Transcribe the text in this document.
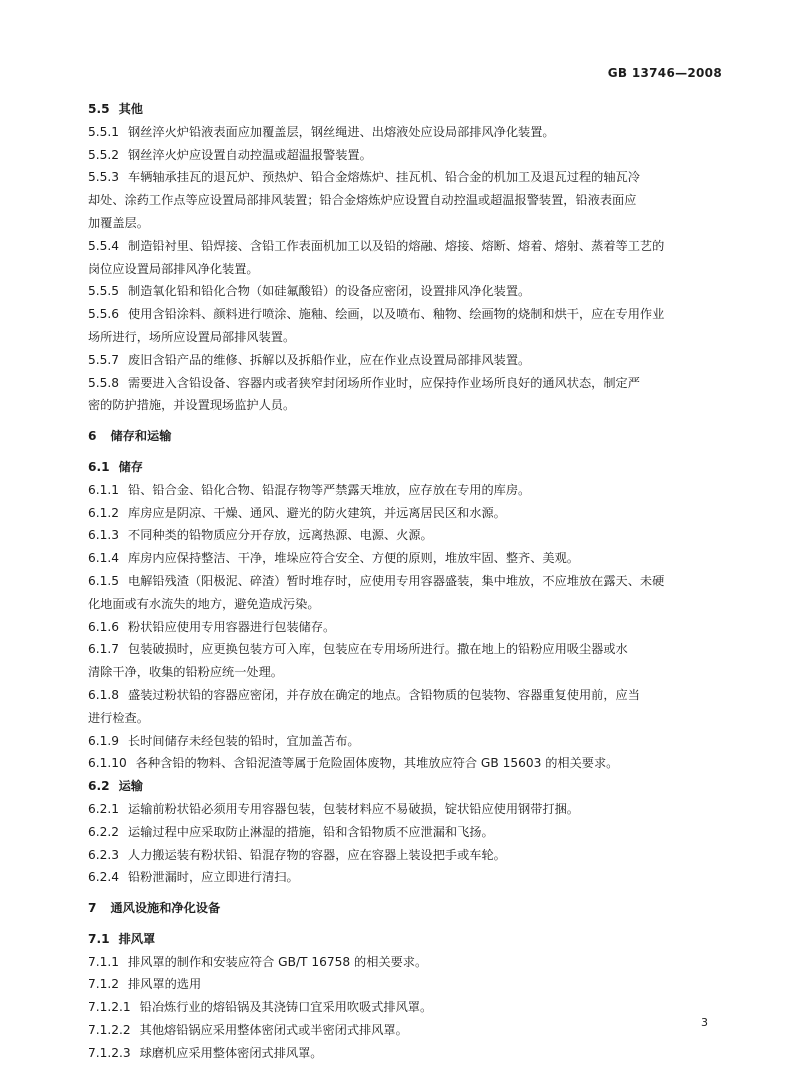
GB 13746—2008
5.5 其他
5.5.1 钢丝淬火炉铅液表面应加覆盖层，钢丝绳进、出熔液处应设局部排风净化装置。
5.5.2 钢丝淬火炉应设置自动控温或超温报警装置。
5.5.3 车辆轴承挂瓦的退瓦炉、预热炉、铅合金熔炼炉、挂瓦机、铅合金的机加工及退瓦过程的轴瓦冷
却处、涂药工作点等应设置局部排风装置；铅合金熔炼炉应设置自动控温或超温报警装置，铅液表面应
加覆盖层。
5.5.4 制造铅衬里、铅焊接、含铅工作表面机加工以及铅的熔融、熔接、熔断、熔着、熔射、蒸着等工艺的
岗位应设置局部排风净化装置。
5.5.5 制造氧化铅和铅化合物（如硅氟酸铅）的设备应密闭，设置排风净化装置。
5.5.6 使用含铅涂料、颜料进行喷涂、施釉、绘画，以及喷布、釉物、绘画物的烧制和烘干，应在专用作业
场所进行，场所应设置局部排风装置。
5.5.7 废旧含铅产品的维修、拆解以及拆船作业，应在作业点设置局部排风装置。
5.5.8 需要进入含铅设备、容器内或者狭窄封闭场所作业时，应保持作业场所良好的通风状态，制定严
密的防护措施，并设置现场监护人员。
6 储存和运输
6.1 储存
6.1.1 铅、铅合金、铅化合物、铅混存物等严禁露天堆放，应存放在专用的库房。
6.1.2 库房应是阴凉、干燥、通风、避光的防火建筑，并远离居民区和水源。
6.1.3 不同种类的铅物质应分开存放，远离热源、电源、火源。
6.1.4 库房内应保持整洁、干净，堆垛应符合安全、方便的原则，堆放牢固、整齐、美观。
6.1.5 电解铅残渣（阳极泥、碎渣）暂时堆存时，应使用专用容器盛装，集中堆放，不应堆放在露天、未硬
化地面或有水流失的地方，避免造成污染。
6.1.6 粉状铅应使用专用容器进行包装储存。
6.1.7 包装破损时，应更换包装方可入库，包装应在专用场所进行。撒在地上的铅粉应用吸尘器或水
清除干净，收集的铅粉应统一处理。
6.1.8 盛装过粉状铅的容器应密闭，并存放在确定的地点。含铅物质的包装物、容器重复使用前，应当
进行检查。
6.1.9 长时间储存未经包装的铅时，宜加盖苫布。
6.1.10 各种含铅的物料、含铅泥渣等属于危险固体废物，其堆放应符合 GB 15603 的相关要求。
6.2 运输
6.2.1 运输前粉状铅必须用专用容器包装，包装材料应不易破损，锭状铅应使用钢带打捆。
6.2.2 运输过程中应采取防止淋湿的措施，铅和含铅物质不应泄漏和飞扬。
6.2.3 人力搬运装有粉状铅、铅混存物的容器，应在容器上装设把手或车轮。
6.2.4 铅粉泄漏时，应立即进行清扫。
7 通风设施和净化设备
7.1 排风罩
7.1.1 排风罩的制作和安装应符合 GB/T 16758 的相关要求。
7.1.2 排风罩的选用
7.1.2.1 铅冶炼行业的熔铅锅及其浇铸口宜采用吹吸式排风罩。
7.1.2.2 其他熔铅锅应采用整体密闭式或半密闭式排风罩。
7.1.2.3 球磨机应采用整体密闭式排风罩。
3
